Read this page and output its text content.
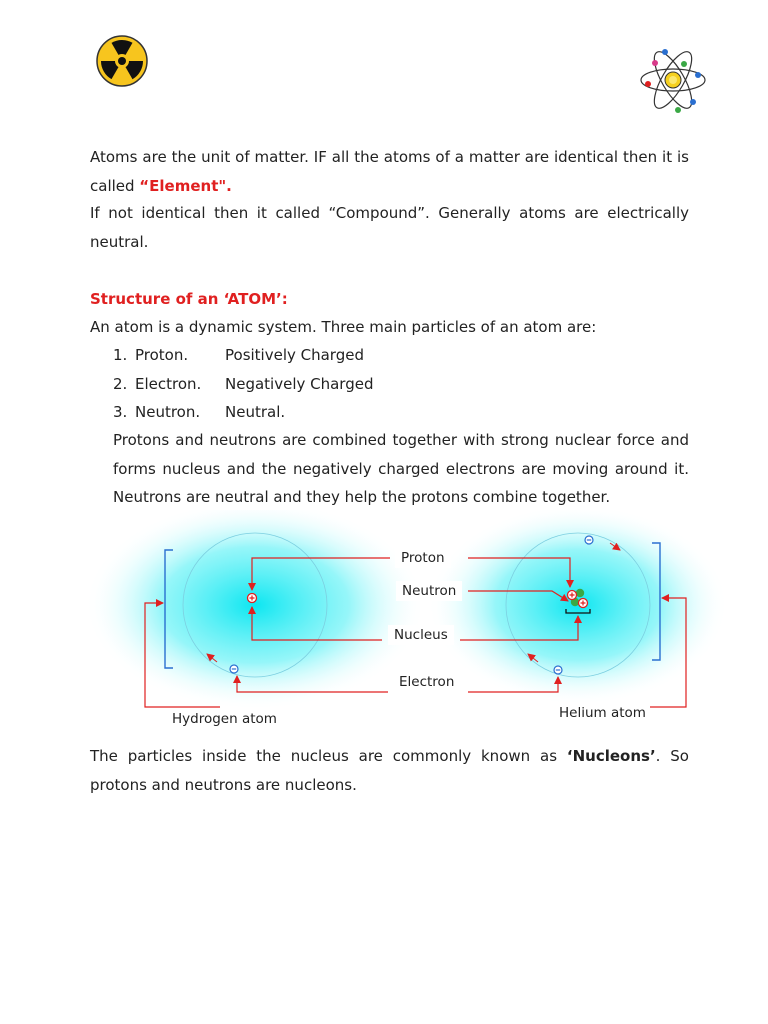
Atoms are the unit of matter. IF all the atoms of a matter are identical then it is called “Element".

If not identical then it called “Compound”. Generally atoms are electrically neutral.

Structure of an ‘ATOM’:

An atom is a dynamic system. Three main particles of an atom are:

1. Proton. Positively Charged
2. Electron. Negatively Charged
3. Neutron. Neutral.

Protons and neutrons are combined together with strong nuclear force and forms nucleus and the negatively charged electrons are moving around it. Neutrons are neutral and they help the protons combine together.

Proton
Neutron
Nucleus
Electron
Hydrogen atom	Helium atom

The particles inside the nucleus are commonly known as ‘Nucleons’. So protons and neutrons are nucleons.
